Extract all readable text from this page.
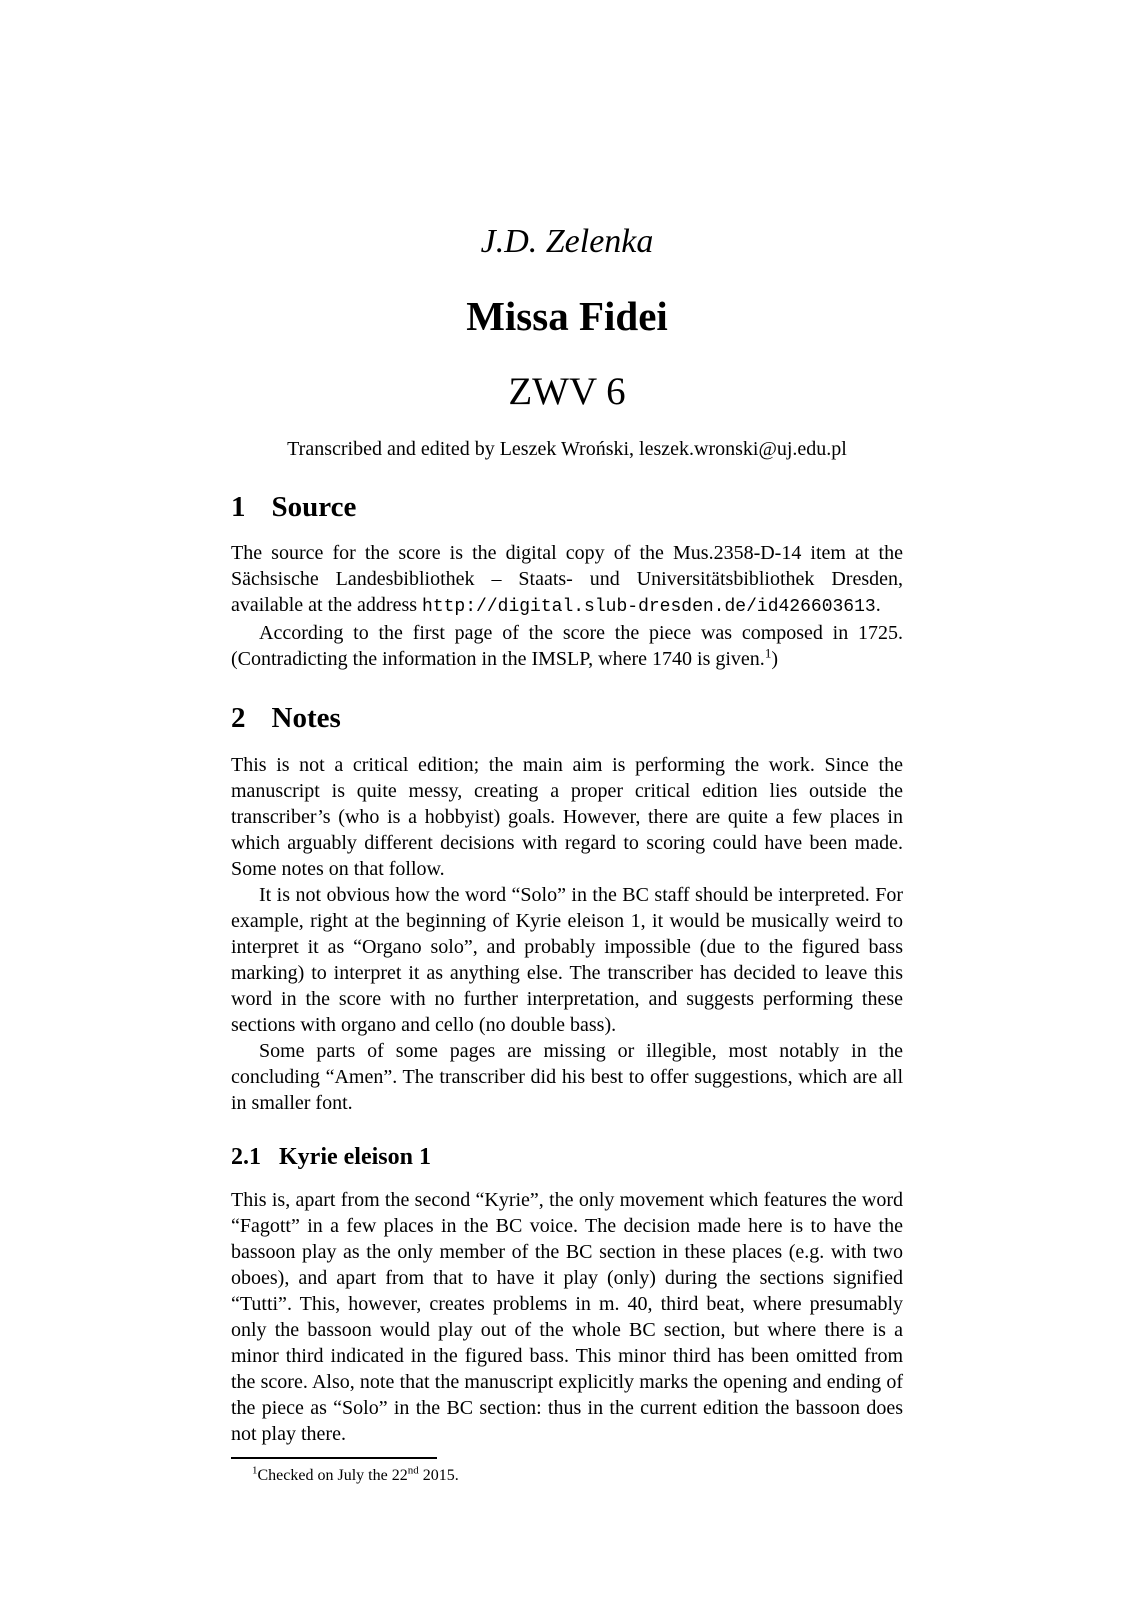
J.D. Zelenka
Missa Fidei
ZWV 6
Transcribed and edited by Leszek Wroński, leszek.wronski@uj.edu.pl
1 Source

The source for the score is the digital copy of the Mus.2358-D-14 item at the Sächsische Landesbibliothek – Staats- und Universitätsbibliothek Dresden, available at the address http://digital.slub-dresden.de/id426603613.

According to the first page of the score the piece was composed in 1725. (Contradicting the information in the IMSLP, where 1740 is given.$^1$)

2 Notes

This is not a critical edition; the main aim is performing the work. Since the manuscript is quite messy, creating a proper critical edition lies outside the transcriber’s (who is a hobbyist) goals. However, there are quite a few places in which arguably different decisions with regard to scoring could have been made. Some notes on that follow.

It is not obvious how the word “Solo” in the BC staff should be interpreted. For example, right at the beginning of Kyrie eleison 1, it would be musically weird to interpret it as “Organo solo”, and probably impossible (due to the figured bass marking) to interpret it as anything else. The transcriber has decided to leave this word in the score with no further interpretation, and suggests performing these sections with organo and cello (no double bass).

Some parts of some pages are missing or illegible, most notably in the concluding “Amen”. The transcriber did his best to offer suggestions, which are all in smaller font.

2.1 Kyrie eleison 1

This is, apart from the second “Kyrie”, the only movement which features the word “Fagott” in a few places in the BC voice. The decision made here is to have the bassoon play as the only member of the BC section in these places (e.g. with two oboes), and apart from that to have it play (only) during the sections signified “Tutti”. This, however, creates problems in m. 40, third beat, where presumably only the bassoon would play out of the whole BC section, but where there is a minor third indicated in the figured bass. This minor third has been omitted from the score. Also, note that the manuscript explicitly marks the opening and ending of the piece as “Solo” in the BC section: thus in the current edition the bassoon does not play there.

$^1$Checked on July the 22nd 2015.
